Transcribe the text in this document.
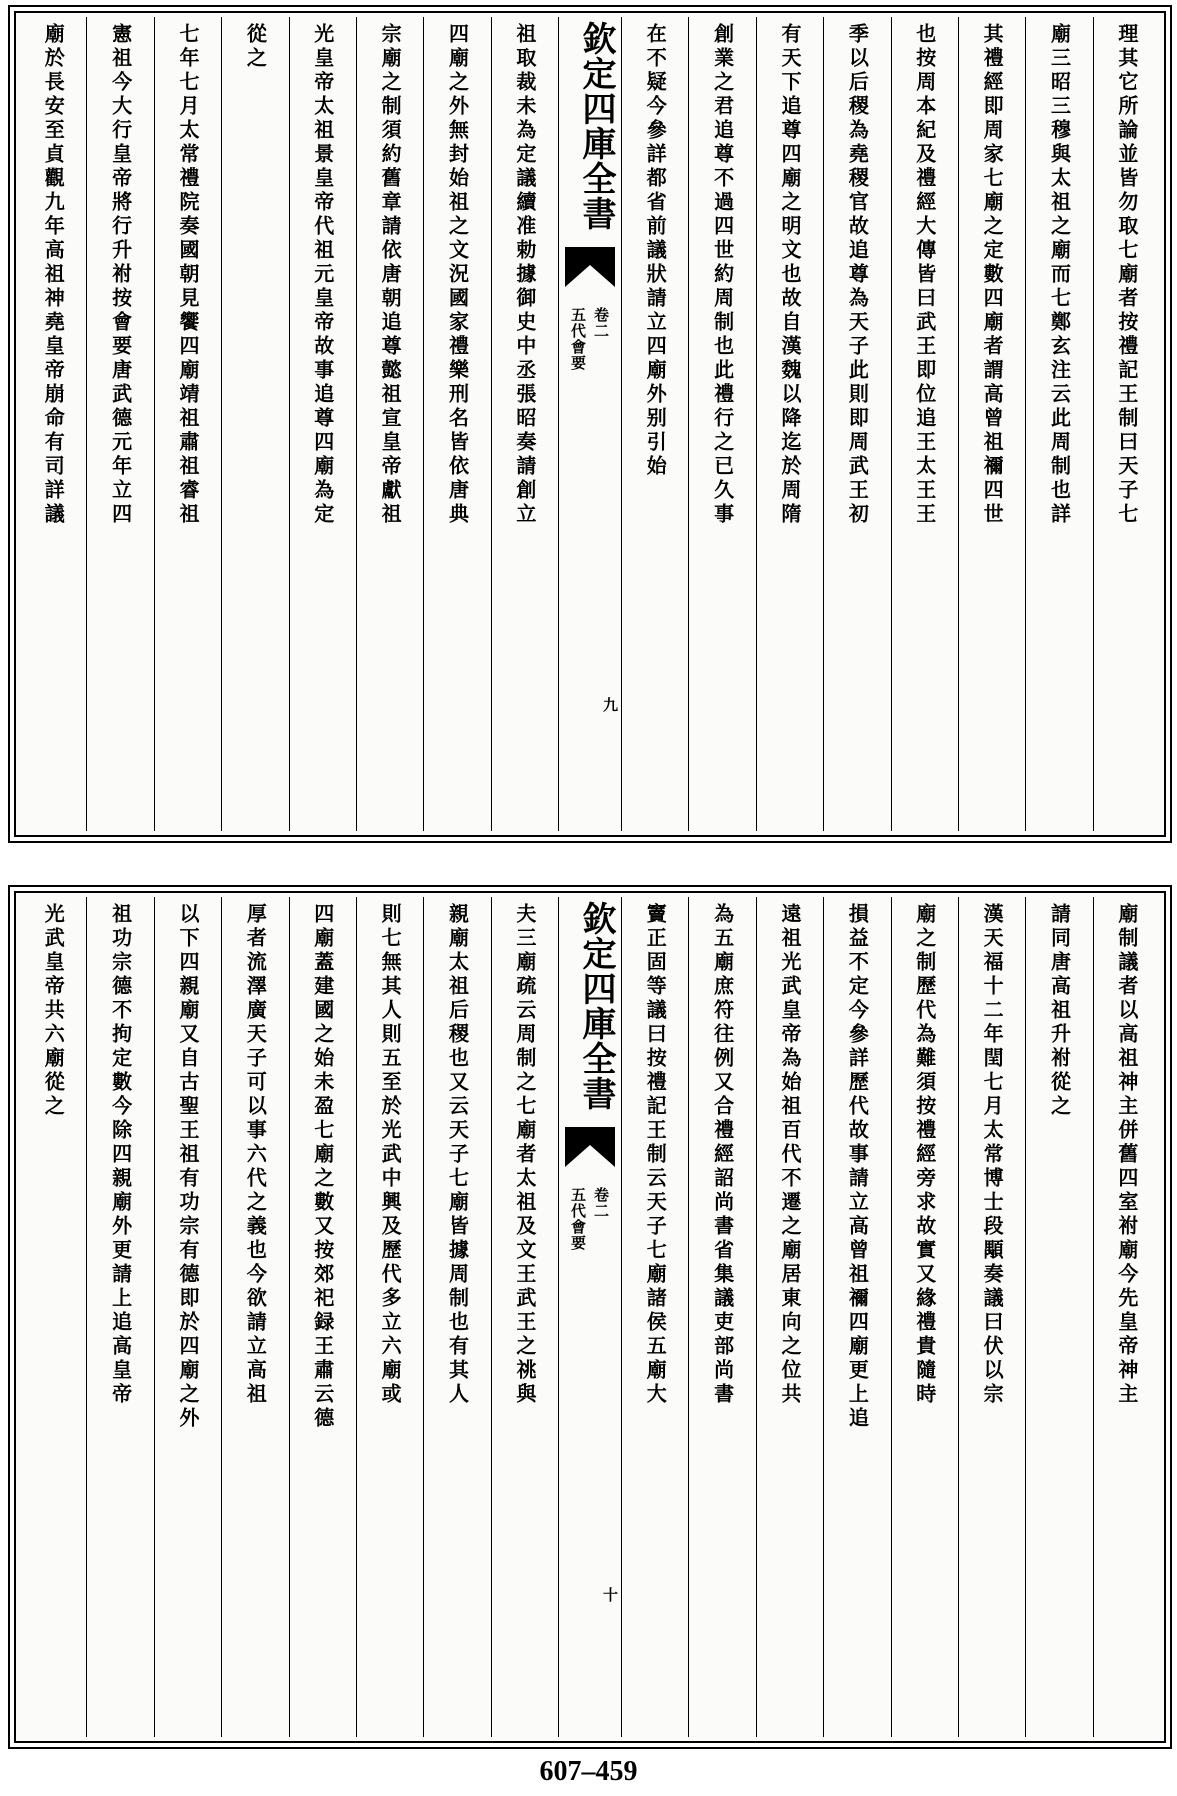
理其它所論並皆勿取七廟者按禮記王制曰天子七
廟三昭三穆與太祖之廟而七鄭玄注云此周制也詳
其禮經即周家七廟之定數四廟者謂高曾祖禰四世
也按周本紀及禮經大傳皆曰武王即位追王太王王
季以后稷為堯稷官故追尊為天子此則即周武王初
有天下追尊四廟之明文也故自漢魏以降迄於周隋
創業之君追尊不過四世約周制也此禮行之已久事
在不疑今參詳都省前議狀請立四廟外别引始
欽定四庫全書
五代會要 卷二
九
祖取裁未為定議續准勅據御史中丞張昭奏請創立
四廟之外無封始祖之文況國家禮樂刑名皆依唐典
宗廟之制須約舊章請依唐朝追尊懿祖宣皇帝獻祖
光皇帝太祖景皇帝代祖元皇帝故事追尊四廟為定
從之
七年七月太常禮院奏國朝見饗四廟靖祖肅祖睿祖
憲祖今大行皇帝將行升祔按會要唐武德元年立四
廟於長安至貞觀九年高祖神堯皇帝崩命有司詳議
廟制議者以高祖神主併舊四室祔廟今先皇帝神主
請同唐高祖升祔從之
漢天福十二年閏七月太常博士段顒奏議曰伏以宗
廟之制歷代為難須按禮經旁求故實又緣禮貴隨時
損益不定今參詳歷代故事請立高曾祖禰四廟更上追
遠祖光武皇帝為始祖百代不遷之廟居東向之位共
為五廟庶符往例又合禮經詔尚書省集議吏部尚書
竇正固等議曰按禮記王制云天子七廟諸侯五廟大
欽定四庫全書
五代會要 卷二
十
夫三廟疏云周制之七廟者太祖及文王武王之祧與
親廟太祖后稷也又云天子七廟皆據周制也有其人
則七無其人則五至於光武中興及歷代多立六廟或
四廟蓋建國之始未盈七廟之數又按郊祀録王肅云德
厚者流澤廣天子可以事六代之義也今欲請立高祖
以下四親廟又自古聖王祖有功宗有德即於四廟之外
祖功宗德不拘定數今除四親廟外更請上追高皇帝
光武皇帝共六廟從之
607–459
